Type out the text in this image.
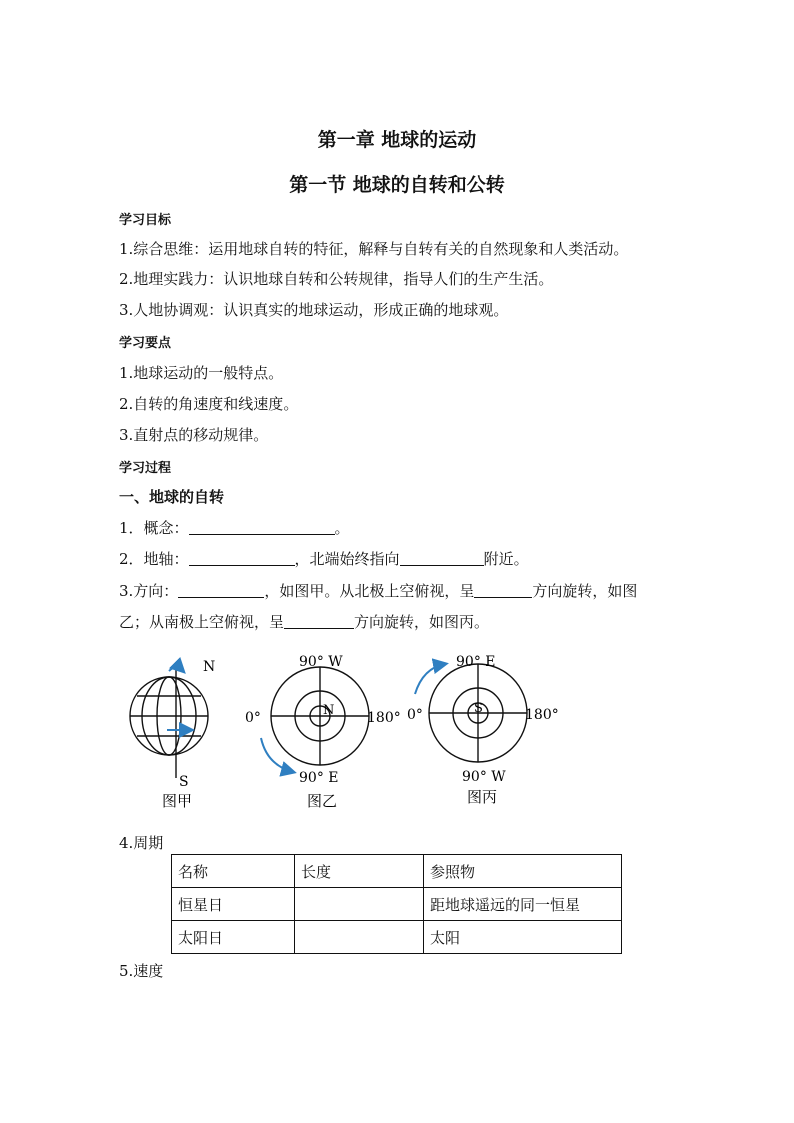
第一章 地球的运动
第一节 地球的自转和公转
学习目标
1.综合思维：运用地球自转的特征，解释与自转有关的自然现象和人类活动。
2.地理实践力：认识地球自转和公转规律，指导人们的生产生活。
3.人地协调观：认识真实的地球运动，形成正确的地球观。
学习要点
1.地球运动的一般特点。
2.自转的角速度和线速度。
3.直射点的移动规律。
学习过程
一、地球的自转
1．概念：	。
2．地轴：	，北端始终指向	附近。
3.方向：	，如图甲。从北极上空俯视，呈	方向旋转，如图
乙；从南极上空俯视，呈	方向旋转，如图丙。
N
S
图甲
90° W
90° E
0°	180°
N
图乙
90° E
90° W
0°	180°
S
图丙
4.周期
名称	长度	参照物
恒星日		距地球遥远的同一恒星
太阳日		太阳
5.速度
